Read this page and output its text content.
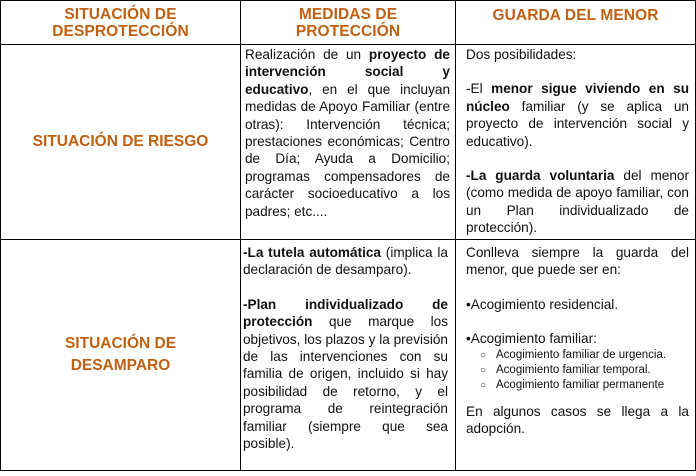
SITUACIÓN DE
DESPROTECCIÓN
MEDIDAS DE
PROTECCIÓN
GUARDA DEL MENOR
SITUACIÓN DE RIESGO

Realización de un proyecto de intervención social y educativo, en el que incluyan medidas de Apoyo Familiar (entre otras): Intervención técnica; prestaciones económicas; Centro de Día; Ayuda a Domicilio; programas compensadores de carácter socioeducativo a los padres; etc....

Dos posibilidades:

-El menor sigue viviendo en su núcleo familiar (y se aplica un proyecto de intervención social y educativo).

-La guarda voluntaria del menor (como medida de apoyo familiar, con un Plan individualizado de protección).

SITUACIÓN DE
DESAMPARO

-La tutela automática (implica la declaración de desamparo).

-Plan individualizado de protección que marque los objetivos, los plazos y la previsión de las intervenciones con su familia de origen, incluido si hay posibilidad de retorno, y el programa de reintegración familiar (siempre que sea posible).

Conlleva siempre la guarda del menor, que puede ser en:

•Acogimiento residencial.

•Acogimiento familiar:

○ Acogimiento familiar de urgencia.
○ Acogimiento familiar temporal.
○ Acogimiento familiar permanente

En algunos casos se llega a la adopción.
